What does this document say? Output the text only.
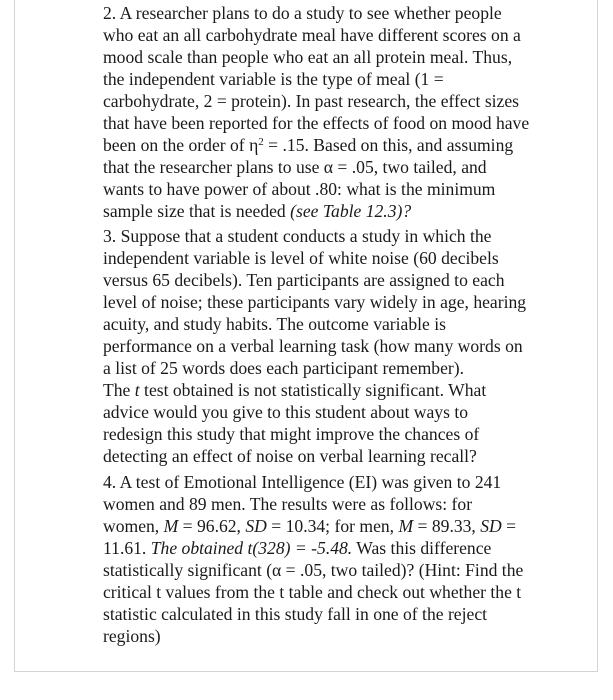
2. A researcher plans to do a study to see whether people
who eat an all carbohydrate meal have different scores on a
mood scale than people who eat an all protein meal. Thus,
the independent variable is the type of meal (1 =
carbohydrate, 2 = protein). In past research, the effect sizes
that have been reported for the effects of food on mood have
been on the order of $\eta^2 = .15$. Based on this, and assuming
that the researcher plans to use α = .05, two tailed, and
wants to have power of about .80: what is the minimum
sample size that is needed (see Table 12.3)?

3. Suppose that a student conducts a study in which the
independent variable is level of white noise (60 decibels
versus 65 decibels). Ten participants are assigned to each
level of noise; these participants vary widely in age, hearing
acuity, and study habits. The outcome variable is
performance on a verbal learning task (how many words on
a list of 25 words does each participant remember).
The t test obtained is not statistically significant. What
advice would you give to this student about ways to
redesign this study that might improve the chances of
detecting an effect of noise on verbal learning recall?

4. A test of Emotional Intelligence (EI) was given to 241
women and 89 men. The results were as follows: for
women, M = 96.62, SD = 10.34; for men, M = 89.33, SD =
11.61. The obtained t(328) = -5.48. Was this difference
statistically significant (α = .05, two tailed)? (Hint: Find the
critical t values from the t table and check out whether the t
statistic calculated in this study fall in one of the reject
regions)
